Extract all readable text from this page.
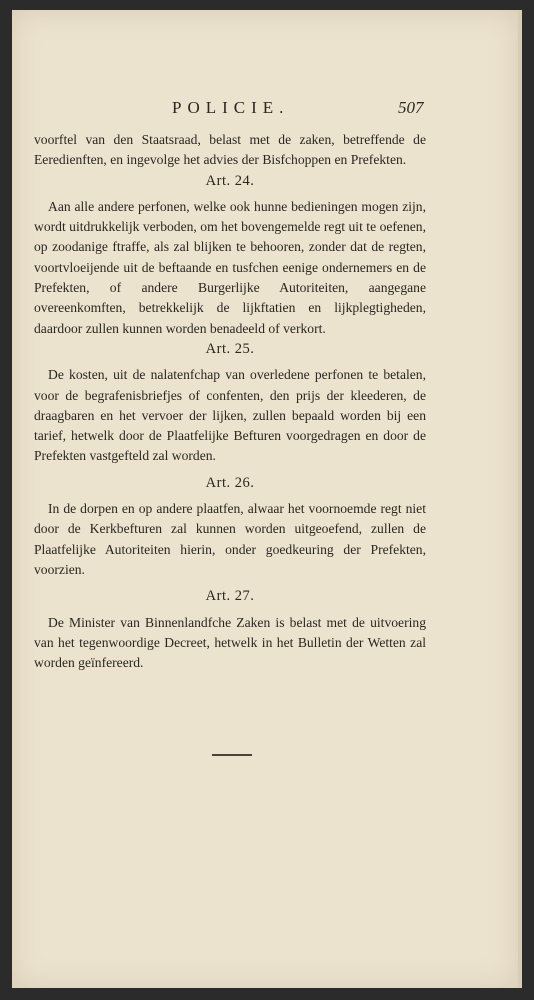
POLICIE.	507

voorftel van den Staatsraad, belast met de zaken, betreffende de Eeredienften, en ingevolge het advies der Bisfchoppen en Prefekten.

Art. 24.

Aan alle andere perfonen, welke ook hunne bedieningen mogen zijn, wordt uitdrukkelijk verboden, om het bovengemelde regt uit te oefenen, op zoodanige ftraffe, als zal blijken te behooren, zonder dat de regten, voortvloeijende uit de beftaande en tusfchen eenige ondernemers en de Prefekten, of andere Burgerlijke Autoriteiten, aangegane overeenkomften, betrekkelijk de lijkftatien en lijkplegtigheden, daardoor zullen kunnen worden benadeeld of verkort.

Art. 25.

De kosten, uit de nalatenfchap van overledene perfonen te betalen, voor de begrafenisbriefjes of confenten, den prijs der kleederen, de draagbaren en het vervoer der lijken, zullen bepaald worden bij een tarief, hetwelk door de Plaatfelijke Befturen voorgedragen en door de Prefekten vastgefteld zal worden.

Art. 26.

In de dorpen en op andere plaatfen, alwaar het voornoemde regt niet door de Kerkbefturen zal kunnen worden uitgeoefend, zullen de Plaatfelijke Autoriteiten hierin, onder goedkeuring der Prefekten, voorzien.

Art. 27.

De Minister van Binnenlandfche Zaken is belast met de uitvoering van het tegenwoordige Decreet, hetwelk in het Bulletin der Wetten zal worden geïnfereerd.
